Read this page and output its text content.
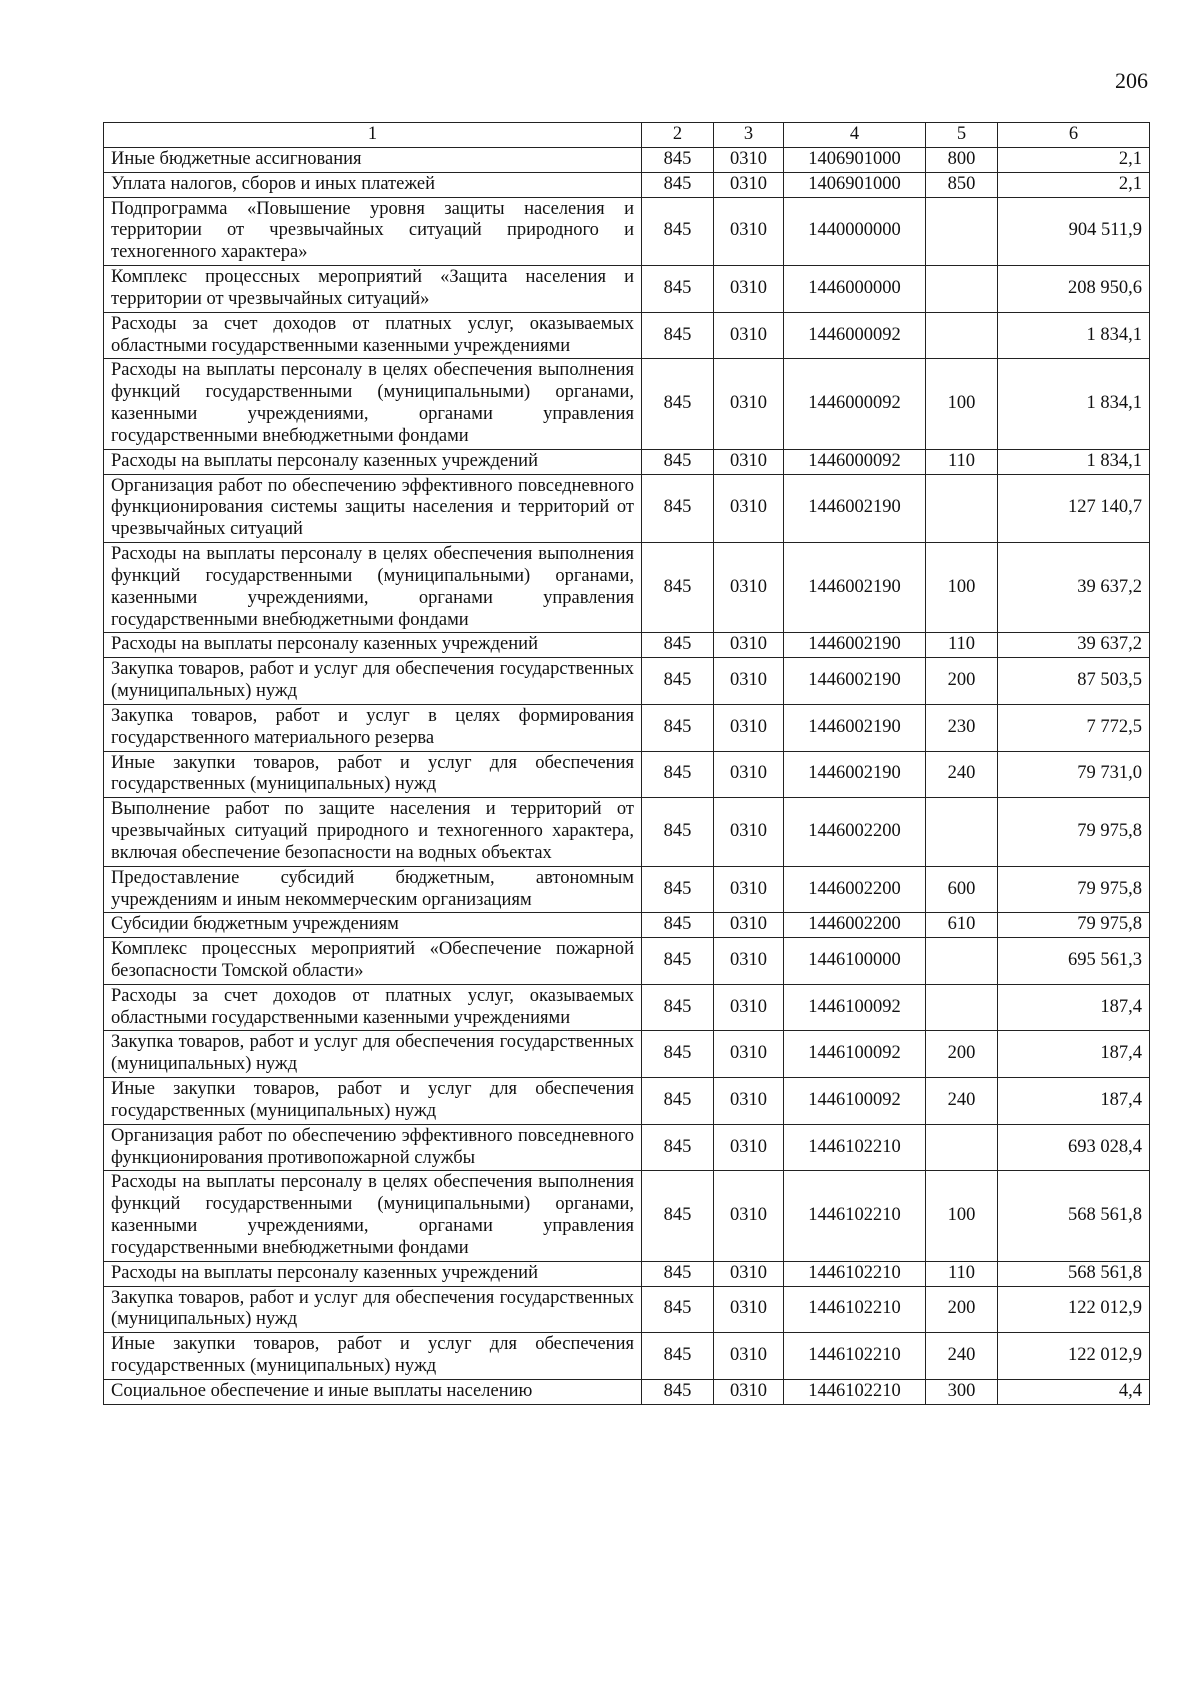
206
1	2	3	4	5	6
Иные бюджетные ассигнования	845	0310	1406901000	800	2,1
Уплата налогов, сборов и иных платежей	845	0310	1406901000	850	2,1
Подпрограмма «Повышение уровня защиты населения и территории от чрезвычайных ситуаций природного и техногенного характера»	845	0310	1440000000		904 511,9
Комплекс процессных мероприятий «Защита населения и территории от чрезвычайных ситуаций»	845	0310	1446000000		208 950,6
Расходы за счет доходов от платных услуг, оказываемых областными государственными казенными учреждениями	845	0310	1446000092		1 834,1
Расходы на выплаты персоналу в целях обеспечения выполнения функций государственными (муниципальными) органами, казенными учреждениями, органами управления государственными внебюджетными фондами	845	0310	1446000092	100	1 834,1
Расходы на выплаты персоналу казенных учреждений	845	0310	1446000092	110	1 834,1
Организация работ по обеспечению эффективного повседневного функционирования системы защиты населения и территорий от чрезвычайных ситуаций	845	0310	1446002190		127 140,7
Расходы на выплаты персоналу в целях обеспечения выполнения функций государственными (муниципальными) органами, казенными учреждениями, органами управления государственными внебюджетными фондами	845	0310	1446002190	100	39 637,2
Расходы на выплаты персоналу казенных учреждений	845	0310	1446002190	110	39 637,2
Закупка товаров, работ и услуг для обеспечения государственных (муниципальных) нужд	845	0310	1446002190	200	87 503,5
Закупка товаров, работ и услуг в целях формирования государственного материального резерва	845	0310	1446002190	230	7 772,5
Иные закупки товаров, работ и услуг для обеспечения государственных (муниципальных) нужд	845	0310	1446002190	240	79 731,0
Выполнение работ по защите населения и территорий от чрезвычайных ситуаций природного и техногенного характера, включая обеспечение безопасности на водных объектах	845	0310	1446002200		79 975,8
Предоставление субсидий бюджетным, автономным учреждениям и иным некоммерческим организациям	845	0310	1446002200	600	79 975,8
Субсидии бюджетным учреждениям	845	0310	1446002200	610	79 975,8
Комплекс процессных мероприятий «Обеспечение пожарной безопасности Томской области»	845	0310	1446100000		695 561,3
Расходы за счет доходов от платных услуг, оказываемых областными государственными казенными учреждениями	845	0310	1446100092		187,4
Закупка товаров, работ и услуг для обеспечения государственных (муниципальных) нужд	845	0310	1446100092	200	187,4
Иные закупки товаров, работ и услуг для обеспечения государственных (муниципальных) нужд	845	0310	1446100092	240	187,4
Организация работ по обеспечению эффективного повседневного функционирования противопожарной службы	845	0310	1446102210		693 028,4
Расходы на выплаты персоналу в целях обеспечения выполнения функций государственными (муниципальными) органами, казенными учреждениями, органами управления государственными внебюджетными фондами	845	0310	1446102210	100	568 561,8
Расходы на выплаты персоналу казенных учреждений	845	0310	1446102210	110	568 561,8
Закупка товаров, работ и услуг для обеспечения государственных (муниципальных) нужд	845	0310	1446102210	200	122 012,9
Иные закупки товаров, работ и услуг для обеспечения государственных (муниципальных) нужд	845	0310	1446102210	240	122 012,9
Социальное обеспечение и иные выплаты населению	845	0310	1446102210	300	4,4
